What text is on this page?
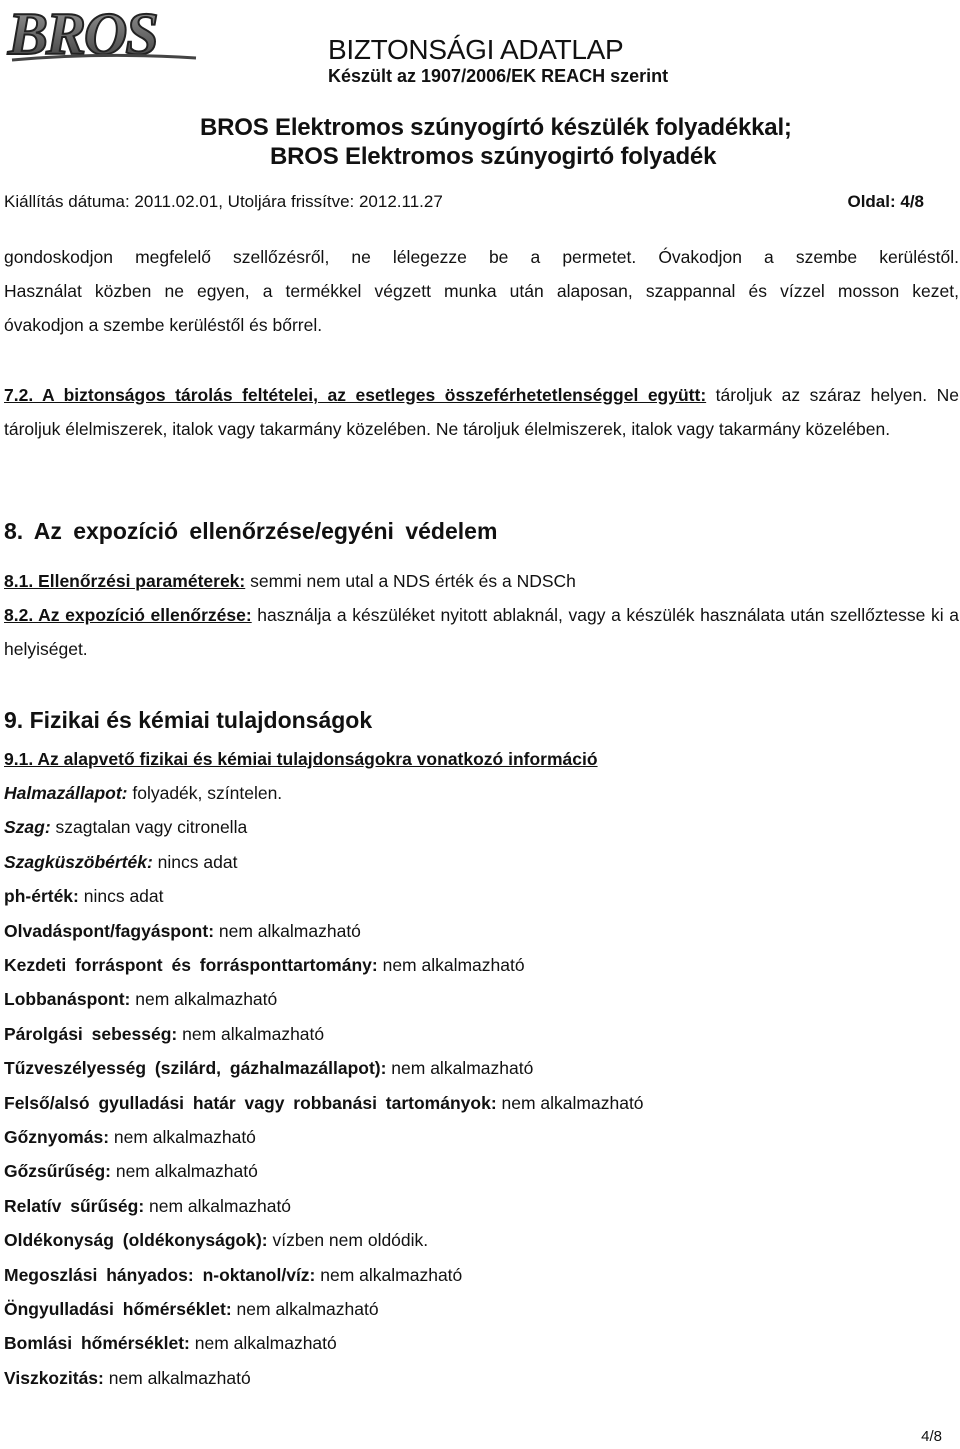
BROS	BIZTONSÁGI ADATLAP
Készült az 1907/2006/EK REACH szerint
BROS Elektromos szúnyogírtó készülék folyadékkal;
BROS Elektromos szúnyogirtó folyadék
Kiállítás dátuma: 2011.02.01, Utoljára frissítve: 2012.11.27	Oldal: 4/8
gondoskodjon megfelelő szellőzésről, ne lélegezze be a permetet. Óvakodjon a szembe kerüléstől.
Használat közben ne egyen, a termékkel végzett munka után alaposan, szappannal és vízzel mosson kezet,
óvakodjon a szembe kerüléstől és bőrrel.
7.2. A biztonságos tárolás feltételei, az esetleges összeférhetetlenséggel együtt: tároljuk az száraz helyen. Ne tároljuk élelmiszerek, italok vagy takarmány közelében. Ne tároljuk élelmiszerek, italok vagy takarmány közelében.
8. Az expozíció ellenőrzése/egyéni védelem
8.1. Ellenőrzési paraméterek: semmi nem utal a NDS érték és a NDSCh
8.2. Az expozíció ellenőrzése: használja a készüléket nyitott ablaknál, vagy a készülék használata után szellőztesse ki a helyiséget.
9. Fizikai és kémiai tulajdonságok
9.1. Az alapvető fizikai és kémiai tulajdonságokra vonatkozó információ
Halmazállapot: folyadék, színtelen.
Szag: szagtalan vagy citronella
Szagküszöbérték: nincs adat
ph-érték: nincs adat
Olvadáspont/fagyáspont: nem alkalmazható
Kezdeti forráspont és forrásponttartomány: nem alkalmazható
Lobbanáspont: nem alkalmazható
Párolgási sebesség: nem alkalmazható
Tűzveszélyesség (szilárd, gázhalmazállapot): nem alkalmazható
Felső/alsó gyulladási határ vagy robbanási tartományok: nem alkalmazható
Gőznyomás: nem alkalmazható
Gőzsűrűség: nem alkalmazható
Relatív sűrűség: nem alkalmazható
Oldékonyság (oldékonyságok): vízben nem oldódik.
Megoszlási hányados: n-oktanol/víz: nem alkalmazható
Öngyulladási hőmérséklet: nem alkalmazható
Bomlási hőmérséklet: nem alkalmazható
Viszkozitás: nem alkalmazható
4/8
